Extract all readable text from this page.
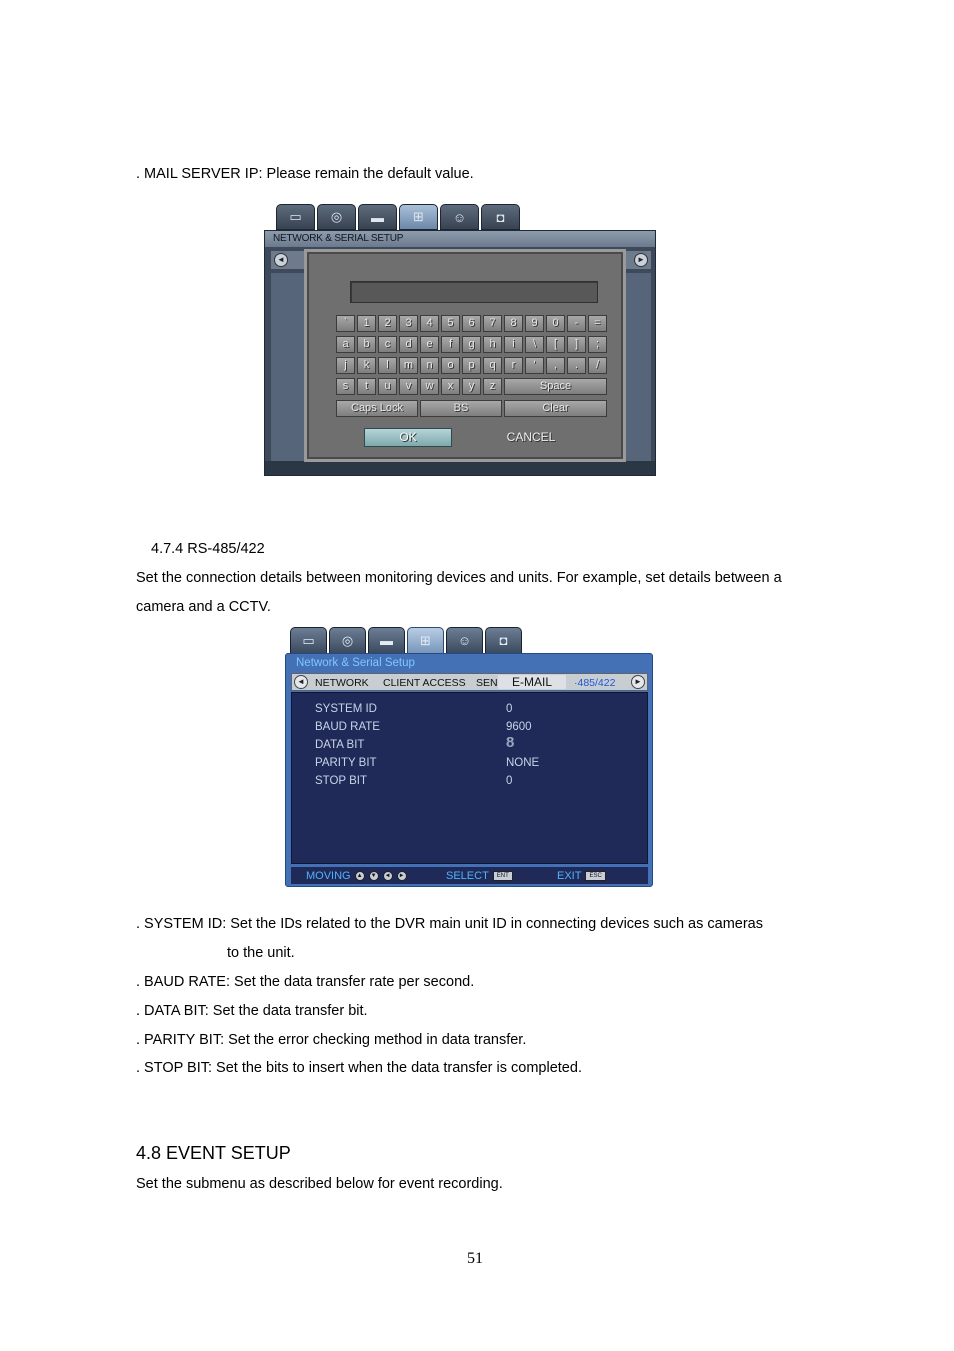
. MAIL SERVER IP: Please remain the default value.
▭	◎	▬	⊞	☺	◘
NETWORK & SERIAL SETUP
◄	►
`	1	2	3	4	5	6	7	8	9	0	-	=
a	b	c	d	e	f	g	h	i	\	[	]	;
j	k	l	m	n	o	p	q	r	'	,	.	/
s	t	u	v	w	x	y	z	Space
Caps Lock	BS	Clear
OK	CANCEL
4.7.4 RS-485/422
Set the connection details between monitoring devices and units. For example, set details between a
camera and a CCTV.
▭	◎	▬	⊞	☺	◘
Network & Serial Setup
◄ NETWORK CLIENT ACCESS SEN	E-MAIL	·485/422	►
SYSTEM ID	0
BAUD RATE	9600
DATA BIT	8
PARITY BIT	NONE
STOP BIT	0
MOVING ▲ ▼ ◄ ►	SELECT ENT	EXIT ESC
. SYSTEM ID: Set the IDs related to the DVR main unit ID in connecting devices such as cameras
to the unit.
. BAUD RATE: Set the data transfer rate per second.
. DATA BIT: Set the data transfer bit.
. PARITY BIT: Set the error checking method in data transfer.
. STOP BIT: Set the bits to insert when the data transfer is completed.
4.8 EVENT SETUP
Set the submenu as described below for event recording.
51
